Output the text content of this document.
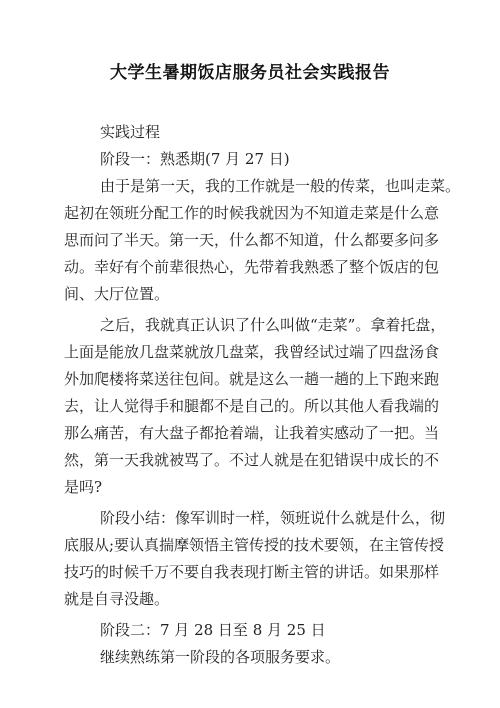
大学生暑期饭店服务员社会实践报告
实践过程
阶段一：熟悉期(7 月 27 日)
由于是第一天，我的工作就是一般的传菜，也叫走菜。
起初在领班分配工作的时候我就因为不知道走菜是什么意
思而问了半天。第一天，什么都不知道，什么都要多问多
动。幸好有个前辈很热心，先带着我熟悉了整个饭店的包
间、大厅位置。
之后，我就真正认识了什么叫做“走菜”。拿着托盘，
上面是能放几盘菜就放几盘菜，我曾经试过端了四盘汤食
外加爬楼将菜送往包间。就是这么一趟一趟的上下跑来跑
去，让人觉得手和腿都不是自己的。所以其他人看我端的
那么痛苦，有大盘子都抢着端，让我着实感动了一把。当
然，第一天我就被骂了。不过人就是在犯错误中成长的不
是吗?
阶段小结：像军训时一样，领班说什么就是什么，彻
底服从;要认真揣摩领悟主管传授的技术要领，在主管传授
技巧的时候千万不要自我表现打断主管的讲话。如果那样
就是自寻没趣。
阶段二：7 月 28 日至 8 月 25 日
继续熟练第一阶段的各项服务要求。
